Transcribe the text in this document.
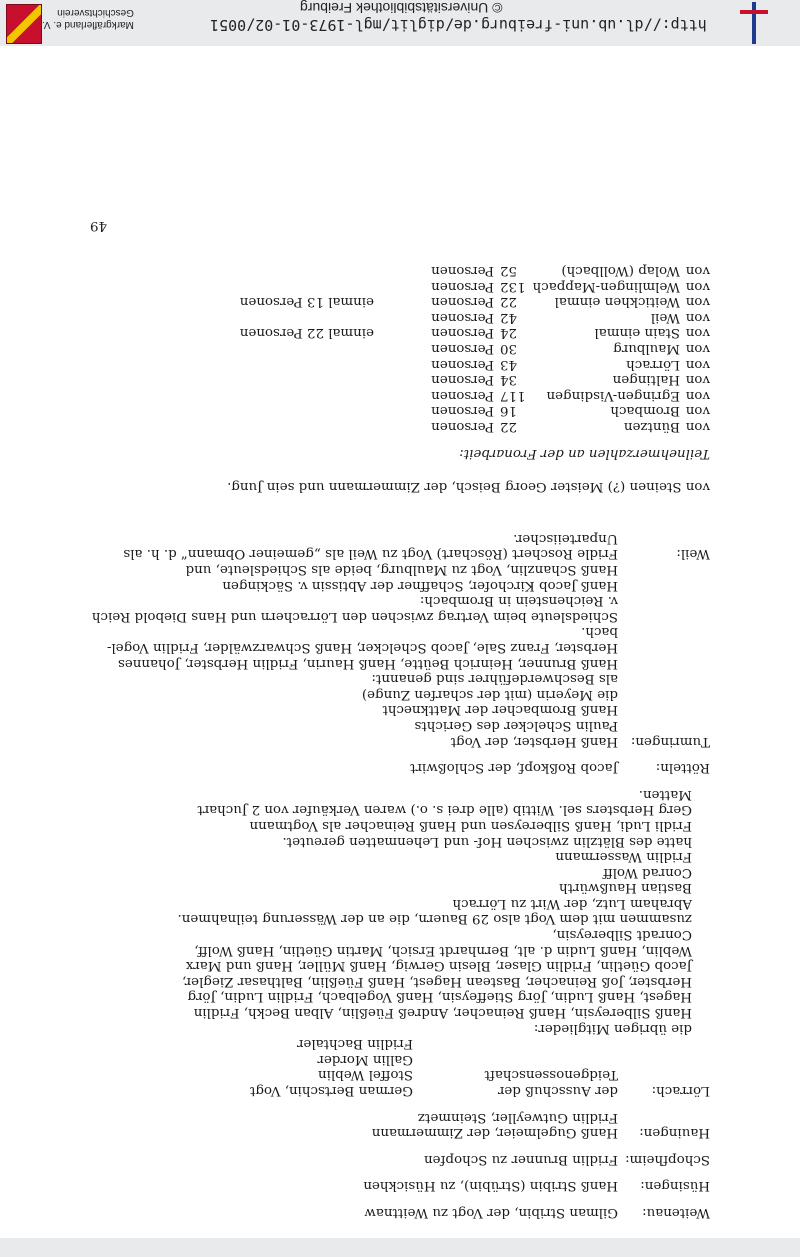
Markgräflerland e. V.
Geschichtsverein
http://dl.ub.uni-freiburg.de/diglit/mgl-1973-01-02/0051
© Universitätsbibliothek Freiburg
Weitenau:
Gilman Stribin, der Vogt zu Weittnaw
Hüsingen:
Hanß Stribin (Strübin), zu Hüsickhen
Schopfheim:
Fridlin Brunner zu Schopfen
Hauingen:
Hanß Gugelmeier, der Zimmermann
Fridlin Gutweyller, Steinmetz
Lörrach:
der Ausschuß der Teidgenossenschaft
German Bertschin, Vogt
Stoffel Weblin
Gallin Morder
Fridlin Bachtaler
die übrigen Mitglieder:
Hanß Silbereysin, Hanß Reinacher, Andreß Füeßlin, Alban Beckh, Fridlin
Hagest, Hanß Ludin, Jörg Stieffeysin, Hanß Vogelbach, Fridlin Ludin, Jörg
Herbster, Joß Reinacher, Bastean Hagest, Hanß Füeßlin, Balthasar Ziegler,
Jacob Güetlin, Fridlin Glaser, Blesin Gerwig, Hanß Müller, Hanß und Marx
Weblin, Hanß Ludin d. alt, Bernhardt Ersich, Martin Güetlin, Hanß Wolff,
Conradt Silbereysin,
zusammen mit dem Vogt also 29 Bauern, die an der Wässerung teilnahmen.
Abraham Lutz, der Wirt zu Lörrach
Bastian Haußwürth
Conrad Wolff
Fridlin Wassermann
hatte des Blätzlin zwischen Hof- und Lehenmatten gereutet.
Fridli Ludi, Hanß Silbereysen und Hanß Reinacher als Vogtmann
Gerg Herbsters sel. Wittib (alle drei s. o.) waren Verkäufer von 2 Juchart
Matten.
Rötteln:
Jacob Roßkopf, der Schloßwirt
Tumringen:
Hanß Herbster, der Vogt
Paulin Schelcker des Gerichts
Hanß Brombacher der Mattknecht
die Meyerin (mit der scharfen Zunge)
als Beschwerdeführer sind genannt:
Hanß Brunner, Heinrich Beütte, Hanß Haurin, Fridlin Herbster, Johannes
Herbster, Franz Sale, Jacob Schelcker, Hanß Schwarzwälder, Fridlin Vogel-
bach.
Schiedsleute beim Vertrag zwischen den Lörrachern und Hans Diebold Reich
v. Reichenstein in Brombach:
Hanß Jacob Kirchofer, Schaffner der Abtissin v. Säckingen
Hanß Schanzlin, Vogt zu Maulburg, beide als Schiedsleute, und
Weil:
Fridle Roschert (Röschart) Vogt zu Weil als „gemeiner Obmann“ d. h. als
Unparteiischer.
von Steinen (?) Meister Georg Beisch, der Zimmermann und sein Jung.
Teilnehmerzahlen an der Fronarbeit:
von	Büntzen	22	Personen	
von	Brombach	16	Personen	
von	Egringen-Visdingen	117	Personen	
von	Haltingen	34	Personen	
von	Lörrach	43	Personen	
von	Maulburg	30	Personen	
von	Stain einmal	24	Personen	einmal 22 Personen
von	Weil	42	Personen	
von	Weitickhen einmal	22	Personen	einmal 13 Personen
von	Welmlingen-Mappach	132	Personen	
von	Wolap (Wollbach)	52	Personen	
49
